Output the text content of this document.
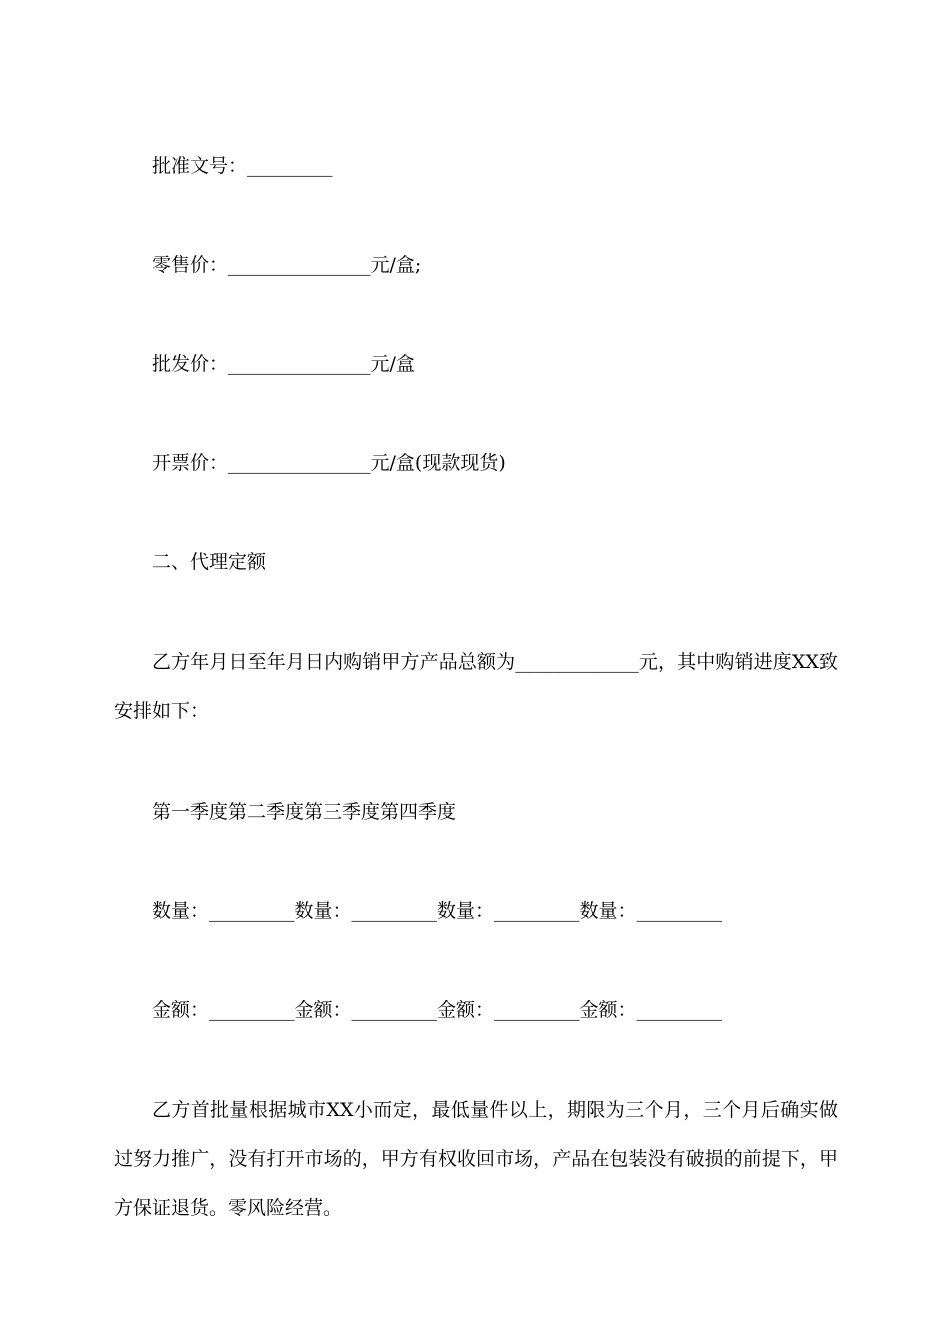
批准文号：_________
零售价：_______________元/盒;
批发价：_______________元/盒
开票价：_______________元/盒(现款现货)
二、代理定额

乙方年月日至年月日内购销甲方产品总额为_____________元，其中购销进度XX致安排如下：

第一季度第二季度第三季度第四季度
数量：_________数量：_________数量：_________数量：_________
金额：_________金额：_________金额：_________金额：_________

乙方首批量根据城市XX小而定，最低量件以上，期限为三个月，三个月后确实做过努力推广，没有打开市场的，甲方有权收回市场，产品在包装没有破损的前提下，甲方保证退货。零风险经营。
